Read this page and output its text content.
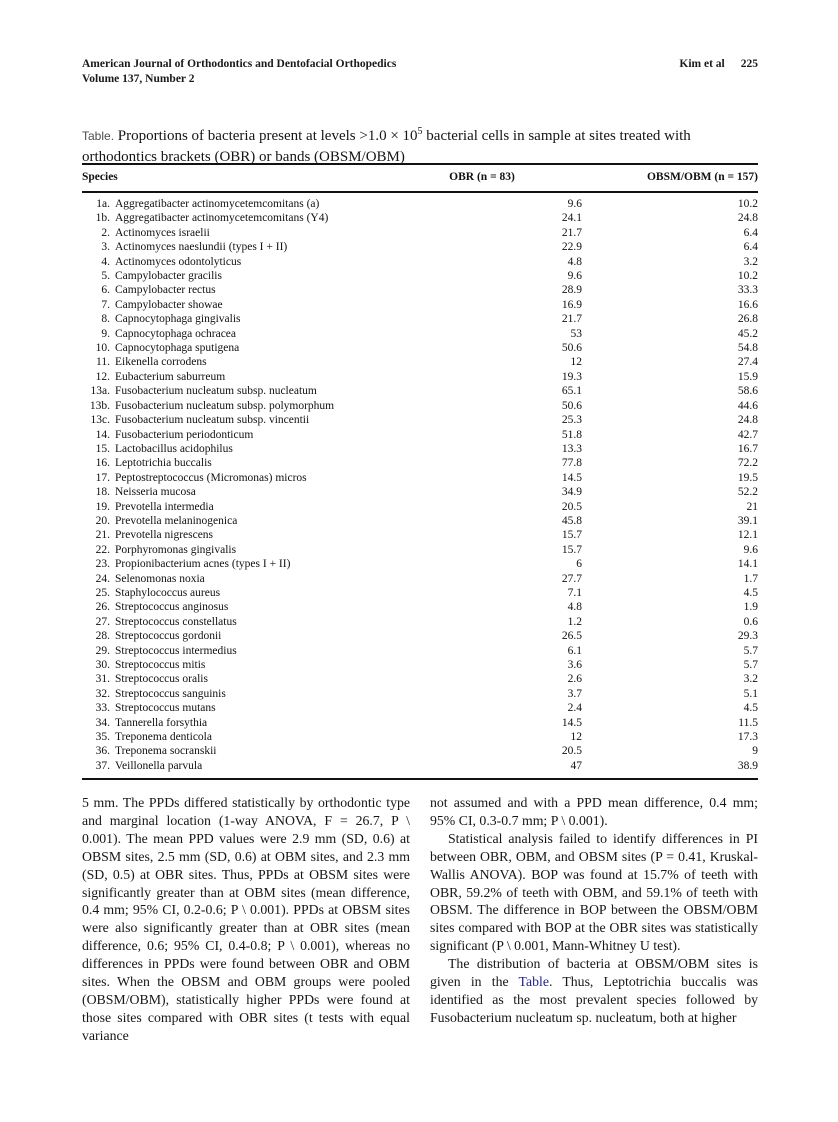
American Journal of Orthodontics and Dentofacial Orthopedics
Volume 137, Number 2
Kim et al 225
Table. Proportions of bacteria present at levels $>1.0 \times 10^5$ bacterial cells in sample at sites treated with orthodontics brackets (OBR) or bands (OBSM/OBM)
Species	OBR (n = 83)	OBSM/OBM (n = 157)
1a. Aggregatibacter actinomycetemcomitans (a)	9.6	10.2
1b. Aggregatibacter actinomycetemcomitans (Y4)	24.1	24.8
2. Actinomyces israelii	21.7	6.4
3. Actinomyces naeslundii (types I + II)	22.9	6.4
4. Actinomyces odontolyticus	4.8	3.2
5. Campylobacter gracilis	9.6	10.2
6. Campylobacter rectus	28.9	33.3
7. Campylobacter showae	16.9	16.6
8. Capnocytophaga gingivalis	21.7	26.8
9. Capnocytophaga ochracea	53	45.2
10. Capnocytophaga sputigena	50.6	54.8
11. Eikenella corrodens	12	27.4
12. Eubacterium saburreum	19.3	15.9
13a. Fusobacterium nucleatum subsp. nucleatum	65.1	58.6
13b. Fusobacterium nucleatum subsp. polymorphum	50.6	44.6
13c. Fusobacterium nucleatum subsp. vincentii	25.3	24.8
14. Fusobacterium periodonticum	51.8	42.7
15. Lactobacillus acidophilus	13.3	16.7
16. Leptotrichia buccalis	77.8	72.2
17. Peptostreptococcus (Micromonas) micros	14.5	19.5
18. Neisseria mucosa	34.9	52.2
19. Prevotella intermedia	20.5	21
20. Prevotella melaninogenica	45.8	39.1
21. Prevotella nigrescens	15.7	12.1
22. Porphyromonas gingivalis	15.7	9.6
23. Propionibacterium acnes (types I + II)	6	14.1
24. Selenomonas noxia	27.7	1.7
25. Staphylococcus aureus	7.1	4.5
26. Streptococcus anginosus	4.8	1.9
27. Streptococcus constellatus	1.2	0.6
28. Streptococcus gordonii	26.5	29.3
29. Streptococcus intermedius	6.1	5.7
30. Streptococcus mitis	3.6	5.7
31. Streptococcus oralis	2.6	3.2
32. Streptococcus sanguinis	3.7	5.1
33. Streptococcus mutans	2.4	4.5
34. Tannerella forsythia	14.5	11.5
35. Treponema denticola	12	17.3
36. Treponema socranskii	20.5	9
37. Veillonella parvula	47	38.9

5 mm. The PPDs differed statistically by orthodontic type and marginal location (1-way ANOVA, F = 26.7, P \ 0.001). The mean PPD values were 2.9 mm (SD, 0.6) at OBSM sites, 2.5 mm (SD, 0.6) at OBM sites, and 2.3 mm (SD, 0.5) at OBR sites. Thus, PPDs at OBSM sites were significantly greater than at OBM sites (mean difference, 0.4 mm; 95% CI, 0.2-0.6; P \ 0.001). PPDs at OBSM sites were also significantly greater than at OBR sites (mean difference, 0.6; 95% CI, 0.4-0.8; P \ 0.001), whereas no differences in PPDs were found between OBR and OBM sites. When the OBSM and OBM groups were pooled (OBSM/OBM), statistically higher PPDs were found at those sites compared with OBR sites (t tests with equal variance

not assumed and with a PPD mean difference, 0.4 mm; 95% CI, 0.3-0.7 mm; P \ 0.001).

Statistical analysis failed to identify differences in PI between OBR, OBM, and OBSM sites (P = 0.41, Kruskal-Wallis ANOVA). BOP was found at 15.7% of teeth with OBR, 59.2% of teeth with OBM, and 59.1% of teeth with OBSM. The difference in BOP between the OBSM/OBM sites compared with BOP at the OBR sites was statistically significant (P \ 0.001, Mann-Whitney U test).

The distribution of bacteria at OBSM/OBM sites is given in the Table. Thus, Leptotrichia buccalis was identified as the most prevalent species followed by Fusobacterium nucleatum sp. nucleatum, both at higher
